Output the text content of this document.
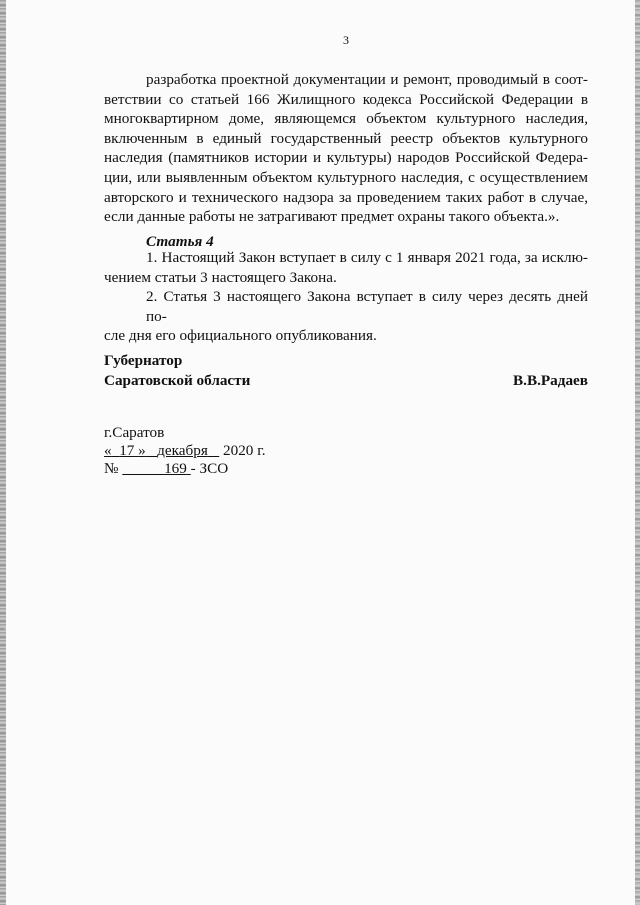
3
разработка проектной документации и ремонт, проводимый в соот-
ветствии со статьей 166 Жилищного кодекса Российской Федерации в
многоквартирном доме, являющемся объектом культурного наследия,
включенным в единый государственный реестр объектов культурного
наследия (памятников истории и культуры) народов Российской Федера-
ции, или выявленным объектом культурного наследия, с осуществлением
авторского и технического надзора за проведением таких работ в случае,
если данные работы не затрагивают предмет охраны такого объекта.».
Статья 4
1. Настоящий Закон вступает в силу с 1 января 2021 года, за исклю-
чением статьи 3 настоящего Закона.
2. Статья 3 настоящего Закона вступает в силу через десять дней по-
сле дня его официального опубликования.
Губернатор
Саратовской области	В.В.Радаев
г.Саратов
« 17 » декабря 2020 г.
№	169 - ЗСО
